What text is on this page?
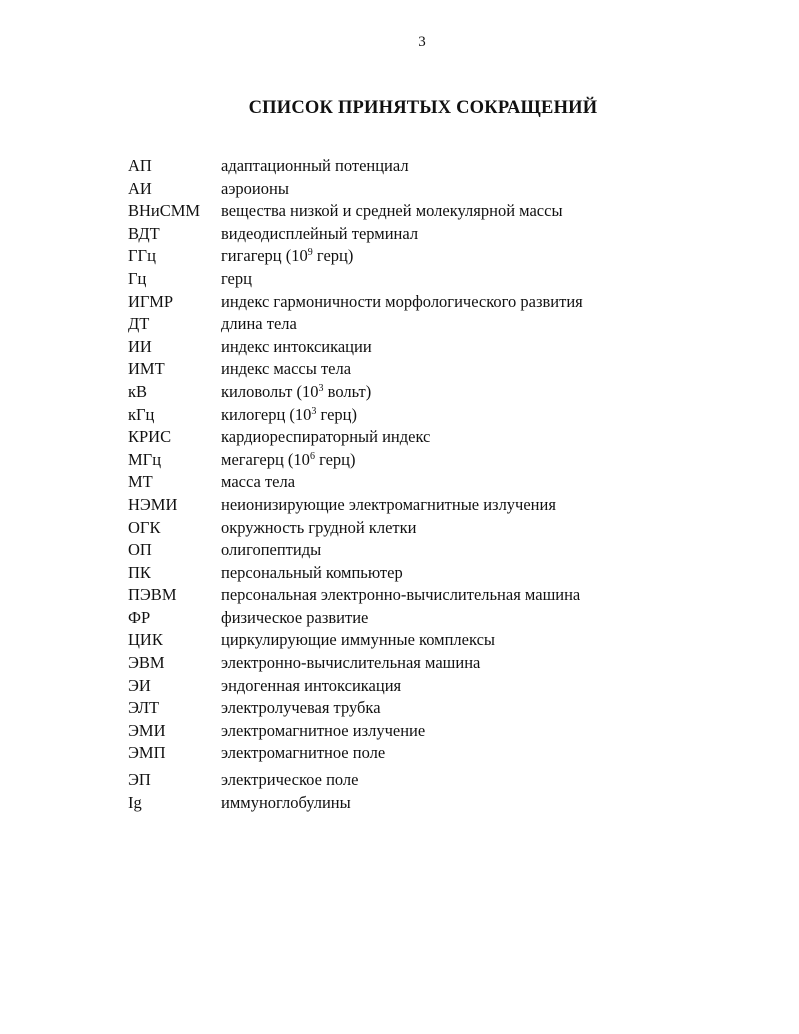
3
СПИСОК ПРИНЯТЫХ СОКРАЩЕНИЙ
АП	адаптационный потенциал
АИ	аэроионы
ВНиСММ вещества низкой и средней молекулярной массы
ВДТ	видеодисплейный терминал
ГГц	гигагерц ($10^9$ герц)
Гц	герц
ИГМР	индекс гармоничности морфологического развития
ДТ	длина тела
ИИ	индекс интоксикации
ИМТ	индекс массы тела
кВ	киловольт ($10^3$ вольт)
кГц	килогерц ($10^3$ герц)
КРИС	кардиореспираторный индекс
МГц	мегагерц ($10^6$ герц)
МТ	масса тела
НЭМИ	неионизирующие электромагнитные излучения
ОГК	окружность грудной клетки
ОП	олигопептиды
ПК	персональный компьютер
ПЭВМ	персональная электронно-вычислительная машина
ФР	физическое развитие
ЦИК	циркулирующие иммунные комплексы
ЭВМ	электронно-вычислительная машина
ЭИ	эндогенная интоксикация
ЭЛТ	электролучевая трубка
ЭМИ	электромагнитное излучение
ЭМП	электромагнитное поле
ЭП	электрическое поле
Ig	иммуноглобулины
